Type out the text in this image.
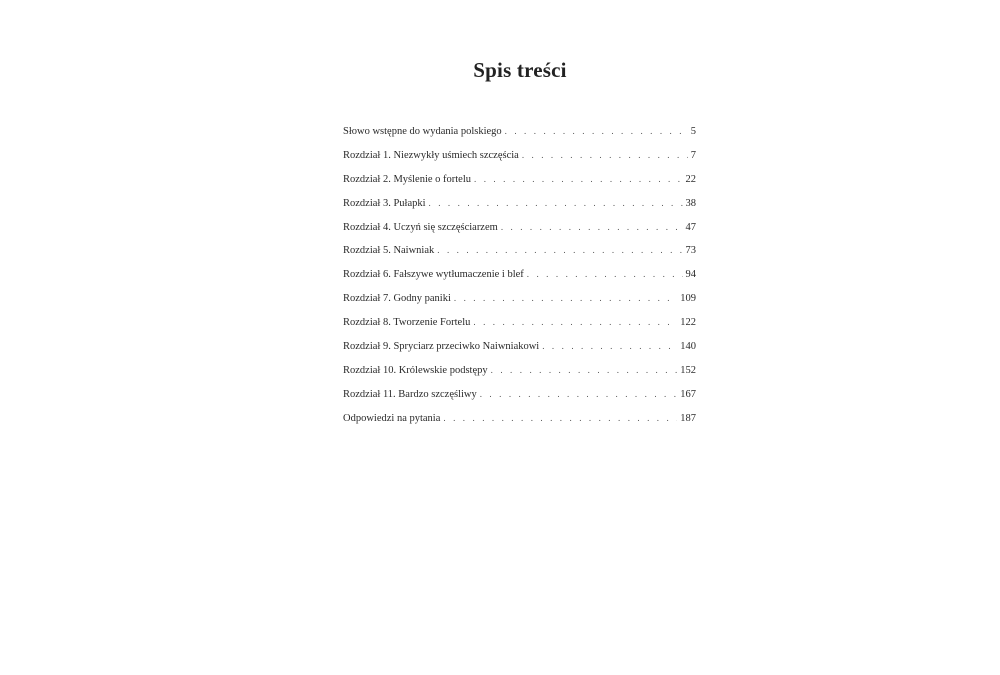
Spis treści
Słowo wstępne do wydania polskiego . . .	5
Rozdział 1. Niezwykły uśmiech szczęścia . . .	7
Rozdział 2. Myślenie o fortelu . . .	22
Rozdział 3. Pułapki . . .	38
Rozdział 4. Uczyń się szczęściarzem . . .	47
Rozdział 5. Naiwniak . . .	73
Rozdział 6. Fałszywe wytłumaczenie i blef . . .	94
Rozdział 7. Godny paniki . . .	109
Rozdział 8. Tworzenie Fortelu . . .	122
Rozdział 9. Spryciarz przeciwko Naiwniakowi . . .	140
Rozdział 10. Królewskie podstępy . . .	152
Rozdział 11. Bardzo szczęśliwy . . .	167
Odpowiedzi na pytania . . .	187
